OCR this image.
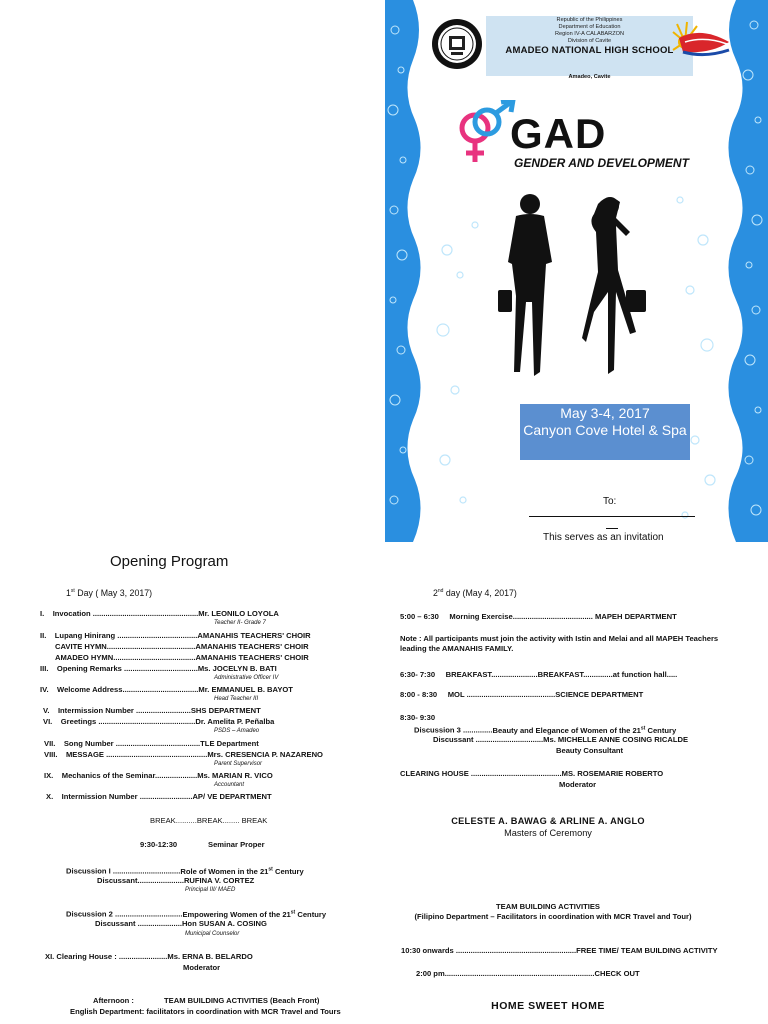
Republic of the Philippines
Department of Education
Region IV-A CALABARZON
Division of Cavite
AMADEO NATIONAL HIGH SCHOOL
Amadeo, Cavite
GAD
GENDER AND DEVELOPMENT
May 3-4, 2017
Canyon Cove Hotel & Spa
To:
This serves as an invitation
Opening Program
1st Day ( May 3, 2017)
I. Invocation ..................................................Mr. LEONILO LOYOLA
Teacher II- Grade 7
II. Lupang Hinirang ......................................AMANAHIS TEACHERS' CHOIR
CAVITE HYMN..........................................AMANAHIS TEACHERS' CHOIR
AMADEO HYMN.......................................AMANAHIS TEACHERS' CHOIR
III. Opening Remarks ...................................Ms. JOCELYN B. BATI
Administrative Officer IV
IV. Welcome Address....................................Mr. EMMANUEL B. BAYOT
Head Teacher III
V. Intermission Number ..........................SHS DEPARTMENT
VI. Greetings ..............................................Dr. Amelita P. Peñalba
PSDS – Amadeo
VII. Song Number ........................................TLE Department
VIII. MESSAGE ................................................Mrs. CRESENCIA P. NAZARENO
Parent Supervisor
IX. Mechanics of the Seminar....................Ms. MARIAN R. VICO
Accountant
X. Intermission Number .........................AP/ VE DEPARTMENT
BREAK..........BREAK........ BREAK
9:30-12:30	Seminar Proper
Discussion I ................................Role of Women in the 21st Century
Discussant......................RUFINA V. CORTEZ
Principal III/ MAED
Discussion 2 ................................Empowering Women of the 21st Century
Discussant .....................Hon SUSAN A. COSING
Municipal Counselor
XI. Clearing House : .......................Ms. ERNA B. BELARDO
Moderator
Afternoon :	TEAM BUILDING ACTIVITIES (Beach Front)
English Department: facilitators in coordination with MCR Travel and Tours
2nd day (May 4, 2017)
5:00 – 6:30 Morning Exercise...................................... MAPEH DEPARTMENT
Note : All participants must join the activity with Istin and Melai and all MAPEH Teachers leading the AMANAHIS FAMILY.
6:30- 7:30 BREAKFAST......................BREAKFAST..............at function hall.....
8:00 - 8:30 MOL ..........................................SCIENCE DEPARTMENT
8:30- 9:30
Discussion 3 ..............Beauty and Elegance of Women of the 21st Century
Discussant ................................Ms. MICHELLE ANNE COSING RICALDE
Beauty Consultant
CLEARING HOUSE ...........................................MS. ROSEMARIE ROBERTO
Moderator
CELESTE A. BAWAG & ARLINE A. ANGLO
Masters of Ceremony
TEAM BUILDING ACTIVITIES
(Filipino Department – Facilitators in coordination with MCR Travel and Tour)
10:30 onwards .........................................................FREE TIME/ TEAM BUILDING ACTIVITY
2:00 pm.......................................................................CHECK OUT
HOME SWEET HOME
